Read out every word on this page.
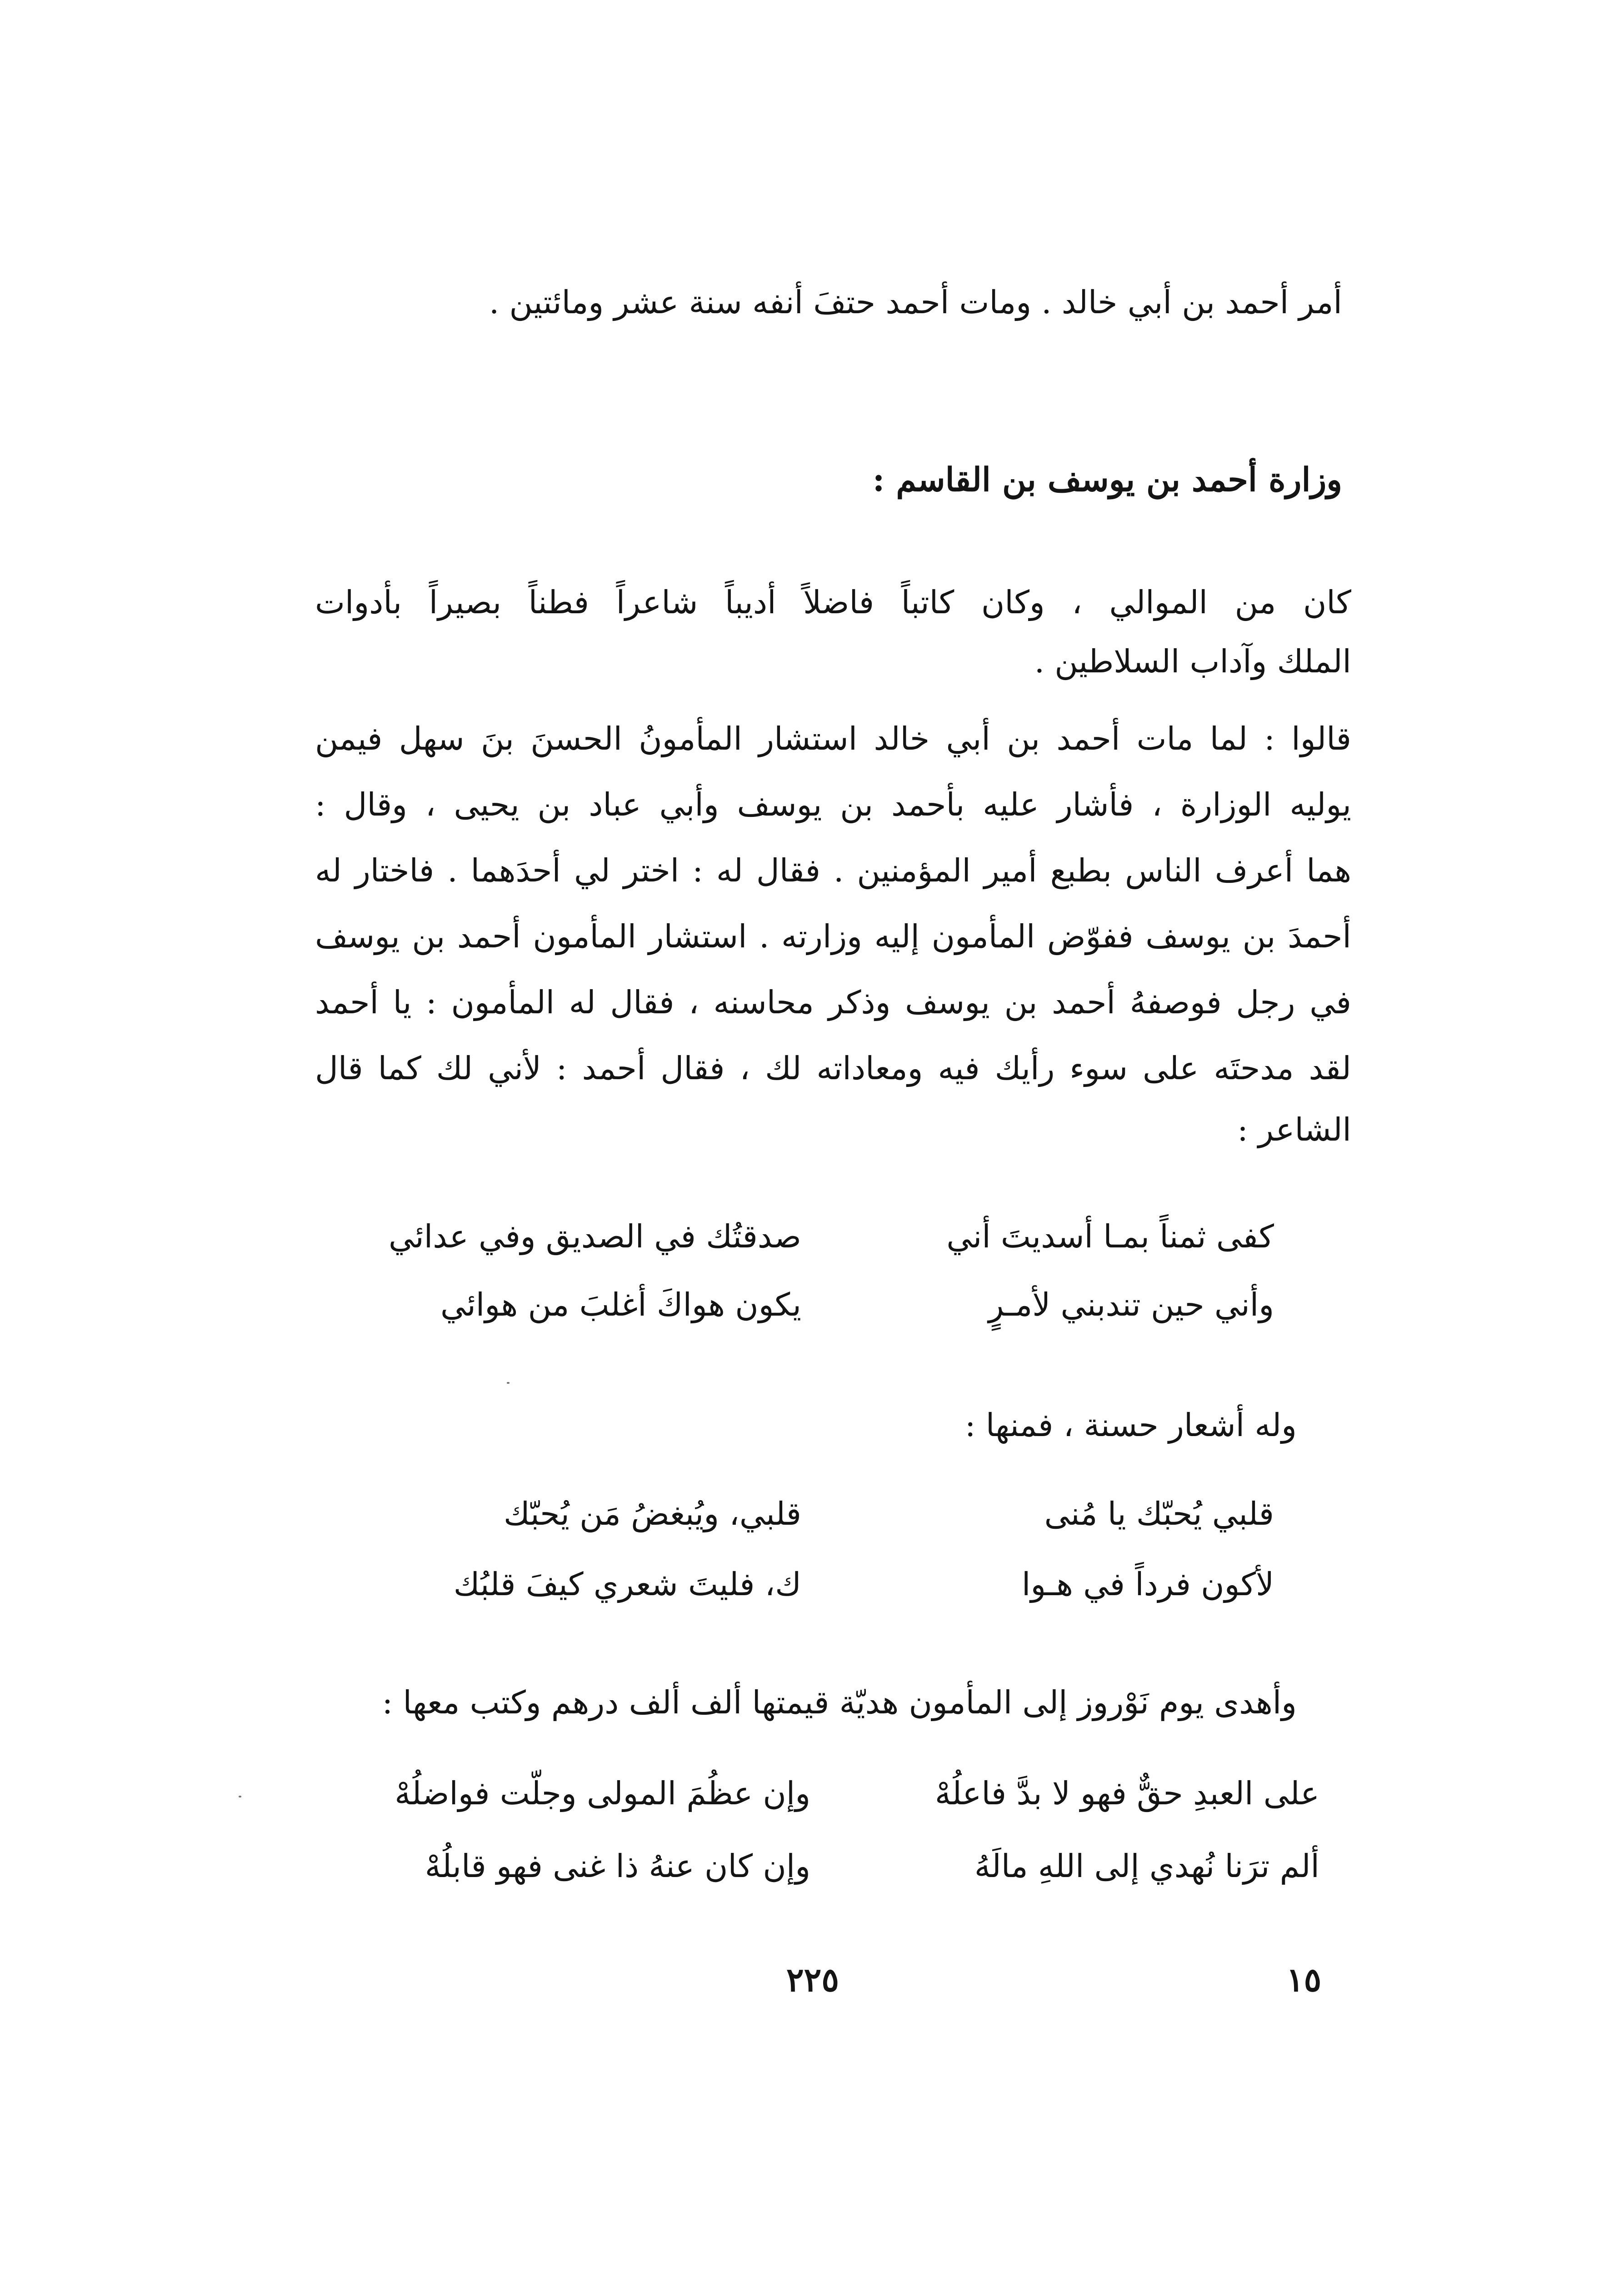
أمر أحمد بن أبي خالد . ومات أحمد حتفَ أنفه سنة عشر ومائتين .
وزارة أحمد بن يوسف بن القاسم :
كان من الموالي ، وكان كاتباً فاضلاً أديباً شاعراً فطناً بصيراً بأدوات
الملك وآداب السلاطين .
قالوا : لما مات أحمد بن أبي خالد استشار المأمونُ الحسنَ بنَ سهل فيمن
يوليه الوزارة ، فأشار عليه بأحمد بن يوسف وأبي عباد بن يحيى ، وقال :
هما أعرف الناس بطبع أمير المؤمنين . فقال له : اختر لي أحدَهما . فاختار له
أحمدَ بن يوسف ففوّض المأمون إليه وزارته . استشار المأمون أحمد بن يوسف
في رجل فوصفهُ أحمد بن يوسف وذكر محاسنه ، فقال له المأمون : يا أحمد
لقد مدحتَه على سوء رأيك فيه ومعاداته لك ، فقال أحمد : لأني لك كما قال
الشاعر :
كفى ثمناً بمـا أسديتَ أني
صدقتُك في الصديق وفي عدائي
وأني حين تندبني لأمـرٍ
يكون هواكَ أغلبَ من هوائي
وله أشعار حسنة ، فمنها :
قلبي يُحبّك يا مُنى
قلبي، ويُبغضُ مَن يُحبّك
لأكون فرداً في هـوا
ك، فليتَ شعري كيفَ قلبُك
وأهدى يوم نَوْروز إلى المأمون هديّة قيمتها ألف ألف درهم وكتب معها :
على العبدِ حقٌّ فهو لا بدَّ فاعلُهْ
وإن عظُمَ المولى وجلّت فواضلُهْ
ألم ترَنا نُهدي إلى اللهِ مالَهُ
وإن كان عنهُ ذا غنى فهو قابلُهْ
٢٢٥	١٥
